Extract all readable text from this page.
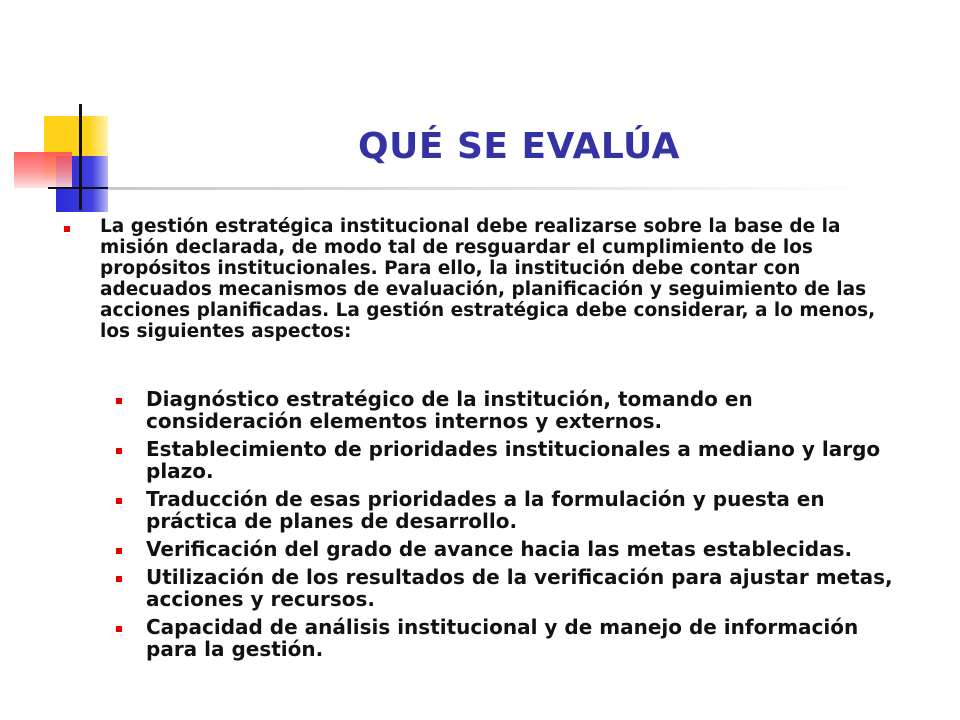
QUÉ SE EVALÚA
La gestión estratégica institucional debe realizarse sobre la base de la misión declarada, de modo tal de resguardar el cumplimiento de los propósitos institucionales. Para ello, la institución debe contar con adecuados mecanismos de evaluación, planificación y seguimiento de las acciones planificadas. La gestión estratégica debe considerar, a lo menos, los siguientes aspectos:
Diagnóstico estratégico de la institución, tomando en consideración elementos internos y externos.
Establecimiento de prioridades institucionales a mediano y largo plazo.
Traducción de esas prioridades a la formulación y puesta en práctica de planes de desarrollo.
Verificación del grado de avance hacia las metas establecidas.
Utilización de los resultados de la verificación para ajustar metas, acciones y recursos.
Capacidad de análisis institucional y de manejo de información para la gestión.
